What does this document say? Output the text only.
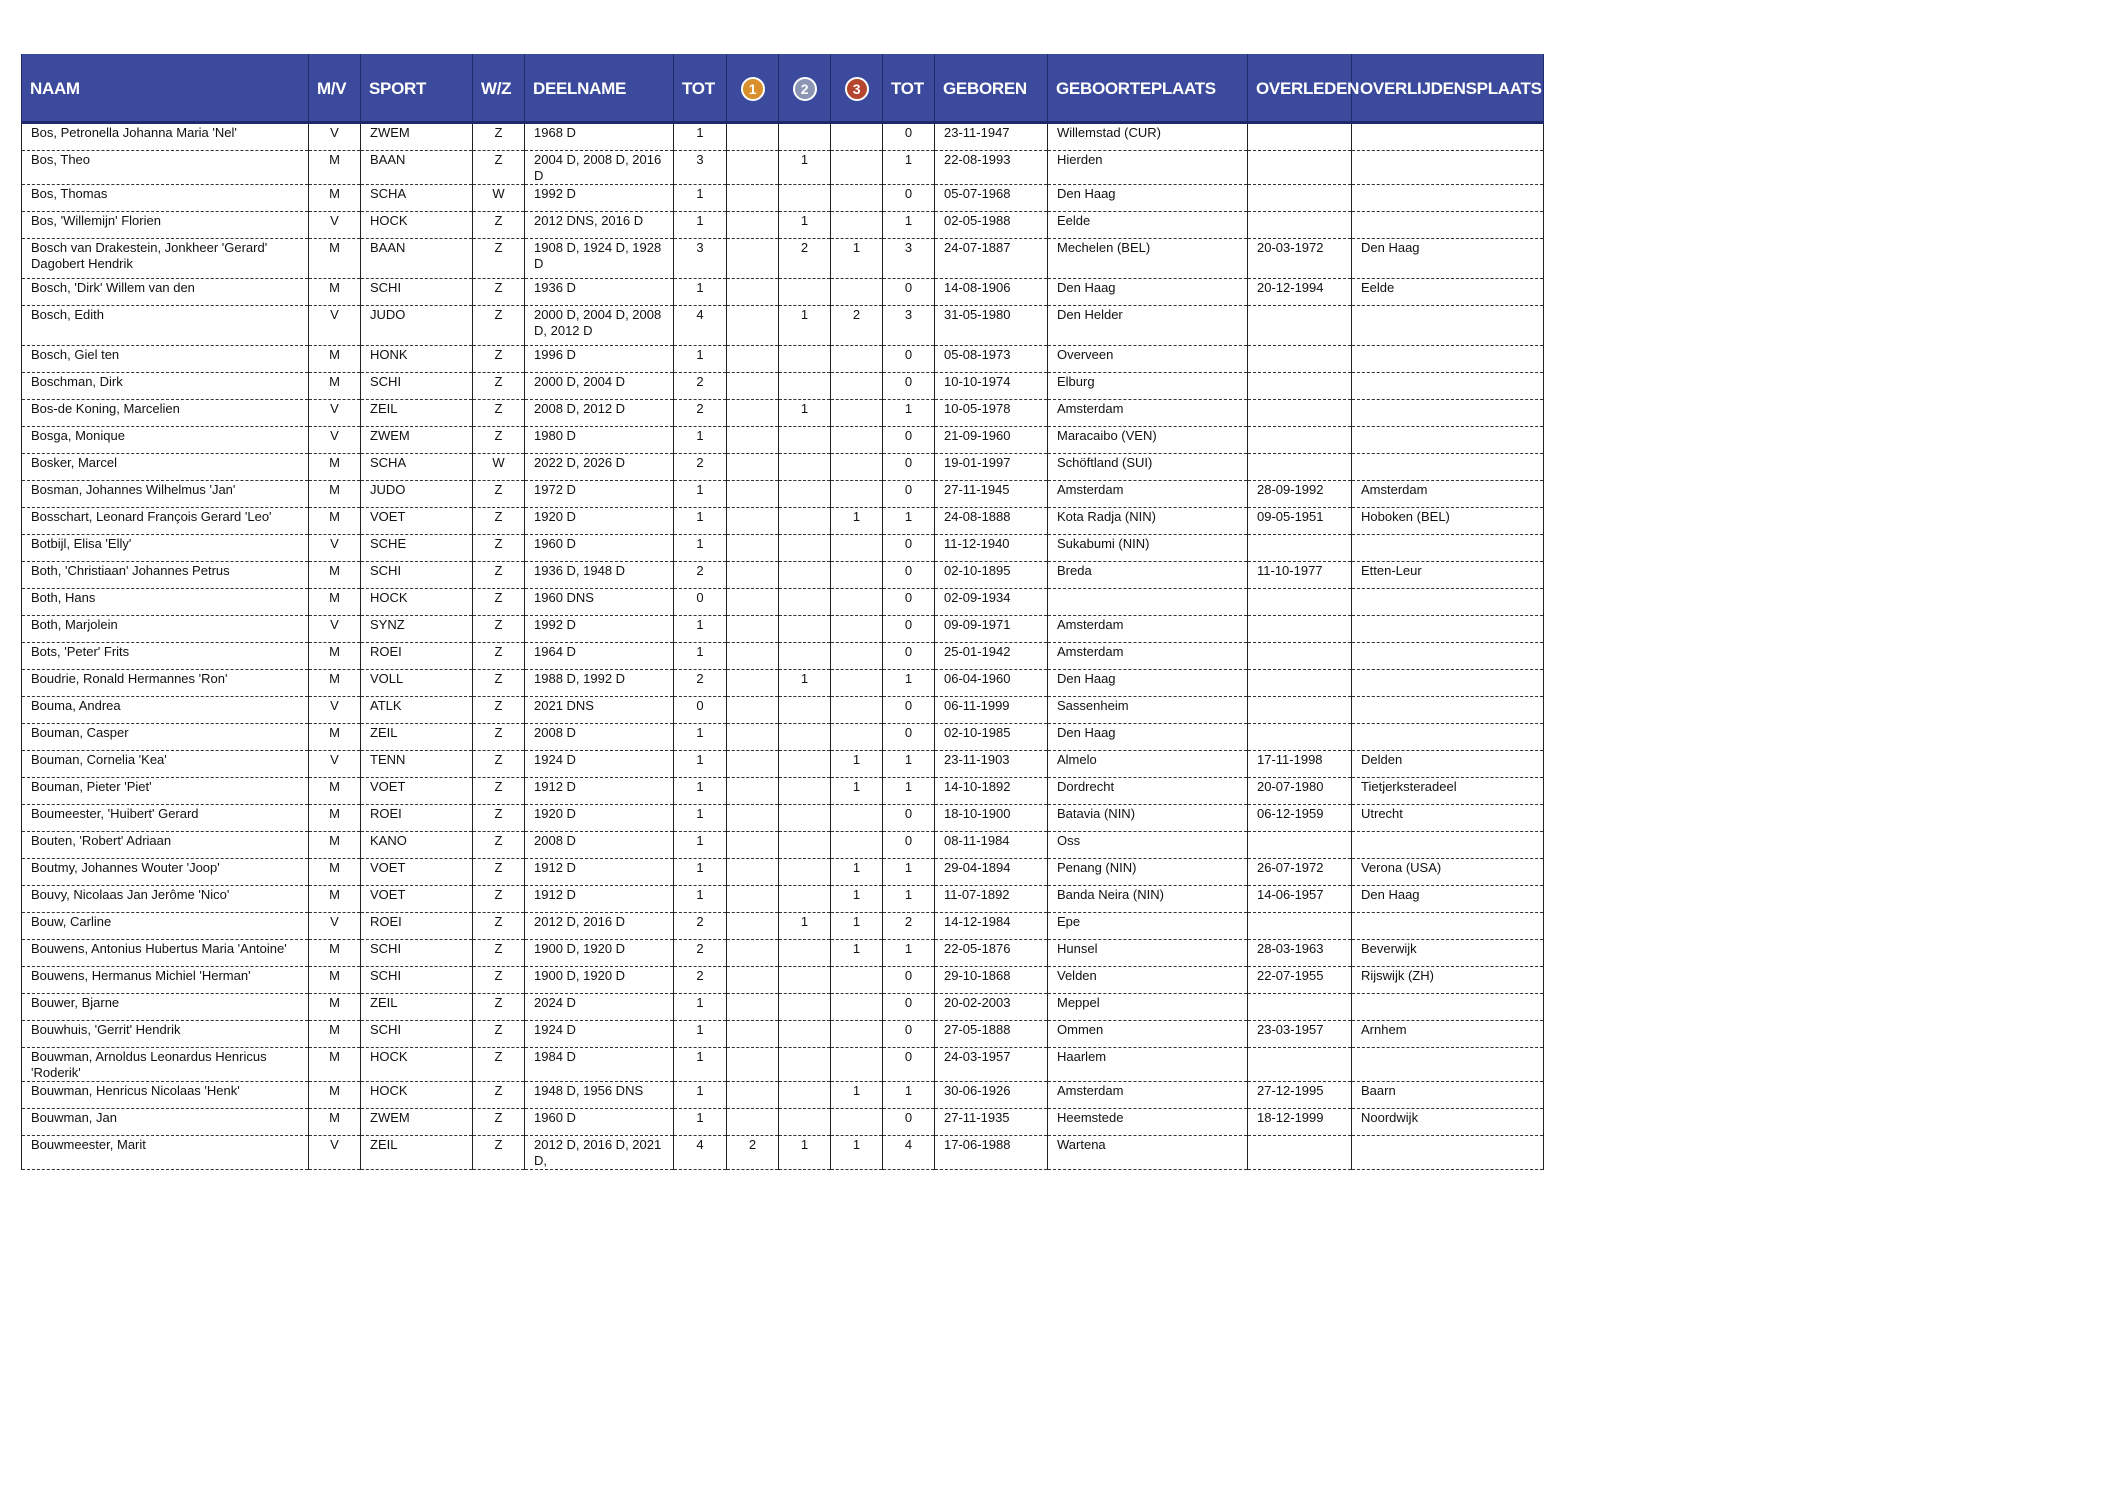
NAAM	M/V	SPORT	W/Z	DEELNAME	TOT	1	2	3	TOT	GEBOREN	GEBOORTEPLAATS	OVERLEDEN	OVERLIJDENSPLAATS
Bos, Petronella Johanna Maria 'Nel'	V	ZWEM	Z	1968 D	1				0	23-11-1947	Willemstad (CUR)		
Bos, Theo	M	BAAN	Z	2004 D, 2008 D, 2016 D	3		1		1	22-08-1993	Hierden		
Bos, Thomas	M	SCHA	W	1992 D	1				0	05-07-1968	Den Haag		
Bos, 'Willemijn' Florien	V	HOCK	Z	2012 DNS, 2016 D	1		1		1	02-05-1988	Eelde		
Bosch van Drakestein, Jonkheer 'Gerard' Dagobert Hendrik	M	BAAN	Z	1908 D, 1924 D, 1928 D	3		2	1	3	24-07-1887	Mechelen (BEL)	20-03-1972	Den Haag
Bosch, 'Dirk' Willem van den	M	SCHI	Z	1936 D	1				0	14-08-1906	Den Haag	20-12-1994	Eelde
Bosch, Edith	V	JUDO	Z	2000 D, 2004 D, 2008 D, 2012 D	4		1	2	3	31-05-1980	Den Helder		
Bosch, Giel ten	M	HONK	Z	1996 D	1				0	05-08-1973	Overveen		
Boschman, Dirk	M	SCHI	Z	2000 D, 2004 D	2				0	10-10-1974	Elburg		
Bos-de Koning, Marcelien	V	ZEIL	Z	2008 D, 2012 D	2		1		1	10-05-1978	Amsterdam		
Bosga, Monique	V	ZWEM	Z	1980 D	1				0	21-09-1960	Maracaibo (VEN)		
Bosker, Marcel	M	SCHA	W	2022 D, 2026 D	2				0	19-01-1997	Schöftland (SUI)		
Bosman, Johannes Wilhelmus 'Jan'	M	JUDO	Z	1972 D	1				0	27-11-1945	Amsterdam	28-09-1992	Amsterdam
Bosschart, Leonard François Gerard 'Leo'	M	VOET	Z	1920 D	1			1	1	24-08-1888	Kota Radja (NIN)	09-05-1951	Hoboken (BEL)
Botbijl, Elisa 'Elly'	V	SCHE	Z	1960 D	1				0	11-12-1940	Sukabumi (NIN)		
Both, 'Christiaan' Johannes Petrus	M	SCHI	Z	1936 D, 1948 D	2				0	02-10-1895	Breda	11-10-1977	Etten-Leur
Both, Hans	M	HOCK	Z	1960 DNS	0				0	02-09-1934			
Both, Marjolein	V	SYNZ	Z	1992 D	1				0	09-09-1971	Amsterdam		
Bots, 'Peter' Frits	M	ROEI	Z	1964 D	1				0	25-01-1942	Amsterdam		
Boudrie, Ronald Hermannes 'Ron'	M	VOLL	Z	1988 D, 1992 D	2		1		1	06-04-1960	Den Haag		
Bouma, Andrea	V	ATLK	Z	2021 DNS	0				0	06-11-1999	Sassenheim		
Bouman, Casper	M	ZEIL	Z	2008 D	1				0	02-10-1985	Den Haag		
Bouman, Cornelia 'Kea'	V	TENN	Z	1924 D	1			1	1	23-11-1903	Almelo	17-11-1998	Delden
Bouman, Pieter 'Piet'	M	VOET	Z	1912 D	1			1	1	14-10-1892	Dordrecht	20-07-1980	Tietjerksteradeel
Boumeester, 'Huibert' Gerard	M	ROEI	Z	1920 D	1				0	18-10-1900	Batavia (NIN)	06-12-1959	Utrecht
Bouten, 'Robert' Adriaan	M	KANO	Z	2008 D	1				0	08-11-1984	Oss		
Boutmy, Johannes Wouter 'Joop'	M	VOET	Z	1912 D	1			1	1	29-04-1894	Penang (NIN)	26-07-1972	Verona (USA)
Bouvy, Nicolaas Jan Jerôme 'Nico'	M	VOET	Z	1912 D	1			1	1	11-07-1892	Banda Neira (NIN)	14-06-1957	Den Haag
Bouw, Carline	V	ROEI	Z	2012 D, 2016 D	2		1	1	2	14-12-1984	Epe		
Bouwens, Antonius Hubertus Maria 'Antoine'	M	SCHI	Z	1900 D, 1920 D	2			1	1	22-05-1876	Hunsel	28-03-1963	Beverwijk
Bouwens, Hermanus Michiel 'Herman'	M	SCHI	Z	1900 D, 1920 D	2				0	29-10-1868	Velden	22-07-1955	Rijswijk (ZH)
Bouwer, Bjarne	M	ZEIL	Z	2024 D	1				0	20-02-2003	Meppel		
Bouwhuis, 'Gerrit' Hendrik	M	SCHI	Z	1924 D	1				0	27-05-1888	Ommen	23-03-1957	Arnhem
Bouwman, Arnoldus Leonardus Henricus 'Roderik'	M	HOCK	Z	1984 D	1				0	24-03-1957	Haarlem		
Bouwman, Henricus Nicolaas 'Henk'	M	HOCK	Z	1948 D, 1956 DNS	1			1	1	30-06-1926	Amsterdam	27-12-1995	Baarn
Bouwman, Jan	M	ZWEM	Z	1960 D	1				0	27-11-1935	Heemstede	18-12-1999	Noordwijk
Bouwmeester, Marit	V	ZEIL	Z	2012 D, 2016 D, 2021 D,	4	2	1	1	4	17-06-1988	Wartena		
